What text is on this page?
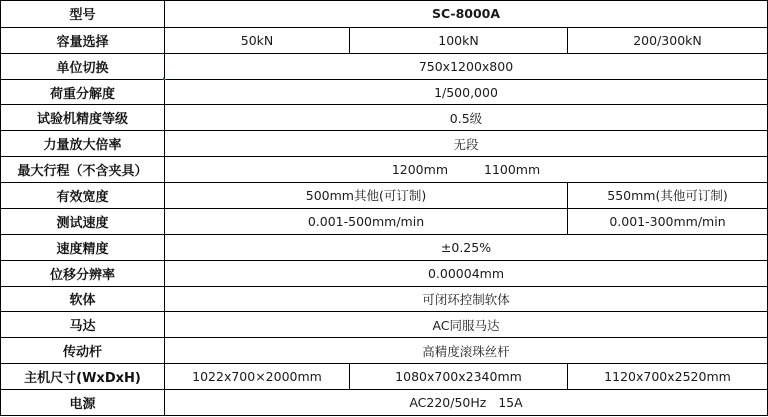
型号	SC-8000A		
容量选择	50kN	100kN	200/300kN
单位切换	750x1200x800		
荷重分解度	1/500,000		
试验机精度等级	0.5级		
力量放大倍率	无段		
最大行程（不含夹具）	1200mm 1100mm		
有效宽度	500mm其他(可订制)		550mm(其他可订制)
测试速度	0.001-500mm/min		0.001-300mm/min
速度精度	±0.25%		
位移分辨率	0.00004mm		
软体	可闭环控制软体		
马达	AC同服马达		
传动杆	高精度滚珠丝杆		
主机尺寸(WxDxH)	1022x700×2000mm	1080x700x2340mm	1120x700x2520mm
电源	AC220/50Hz   15A		
